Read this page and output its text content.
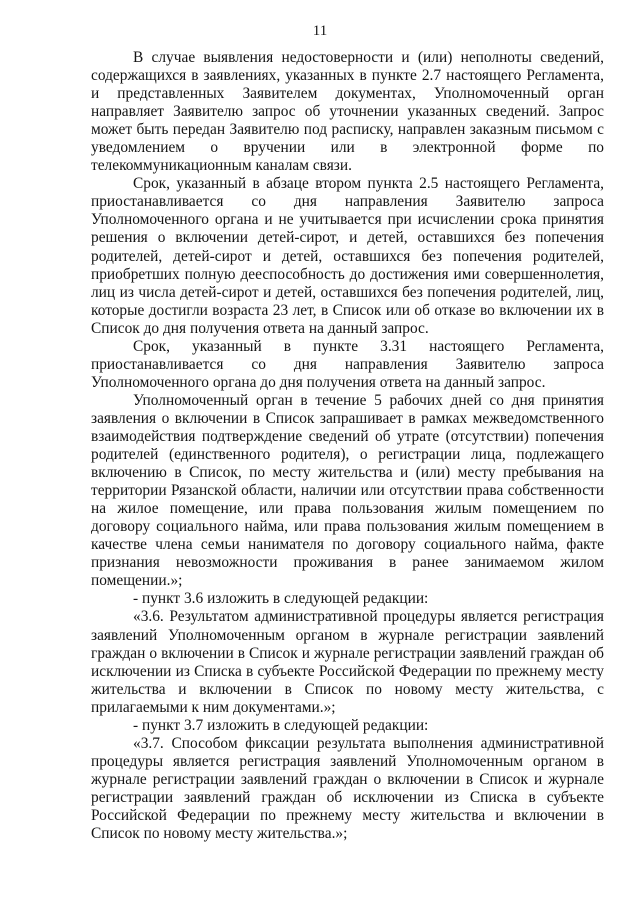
11

В случае выявления недостоверности и (или) неполноты сведений, содержащихся в заявлениях, указанных в пункте 2.7 настоящего Регламента, и представленных Заявителем документах, Уполномоченный орган направляет Заявителю запрос об уточнении указанных сведений. Запрос может быть передан Заявителю под расписку, направлен заказным письмом с уведомлением о вручении или в электронной форме по телекоммуникационным каналам связи.

Срок, указанный в абзаце втором пункта 2.5 настоящего Регламента, приостанавливается со дня направления Заявителю запроса Уполномоченного органа и не учитывается при исчислении срока принятия решения о включении детей-сирот, и детей, оставшихся без попечения родителей, детей-сирот и детей, оставшихся без попечения родителей, приобретших полную дееспособность до достижения ими совершеннолетия, лиц из числа детей-сирот и детей, оставшихся без попечения родителей, лиц, которые достигли возраста 23 лет, в Список или об отказе во включении их в Список до дня получения ответа на данный запрос.

Срок, указанный в пункте 3.31 настоящего Регламента, приостанавливается со дня направления Заявителю запроса Уполномоченного органа до дня получения ответа на данный запрос.

Уполномоченный орган в течение 5 рабочих дней со дня принятия заявления о включении в Список запрашивает в рамках межведомственного взаимодействия подтверждение сведений об утрате (отсутствии) попечения родителей (единственного родителя), о регистрации лица, подлежащего включению в Список, по месту жительства и (или) месту пребывания на территории Рязанской области, наличии или отсутствии права собственности на жилое помещение, или права пользования жилым помещением по договору социального найма, или права пользования жилым помещением в качестве члена семьи нанимателя по договору социального найма, факте признания невозможности проживания в ранее занимаемом жилом помещении.»;

- пункт 3.6 изложить в следующей редакции:

«3.6. Результатом административной процедуры является регистрация заявлений Уполномоченным органом в журнале регистрации заявлений граждан о включении в Список и журнале регистрации заявлений граждан об исключении из Списка в субъекте Российской Федерации по прежнему месту жительства и включении в Список по новому месту жительства, с прилагаемыми к ним документами.»;

- пункт 3.7 изложить в следующей редакции:

«3.7. Способом фиксации результата выполнения административной процедуры является регистрация заявлений Уполномоченным органом в журнале регистрации заявлений граждан о включении в Список и журнале регистрации заявлений граждан об исключении из Списка в субъекте Российской Федерации по прежнему месту жительства и включении в Список по новому месту жительства.»;
